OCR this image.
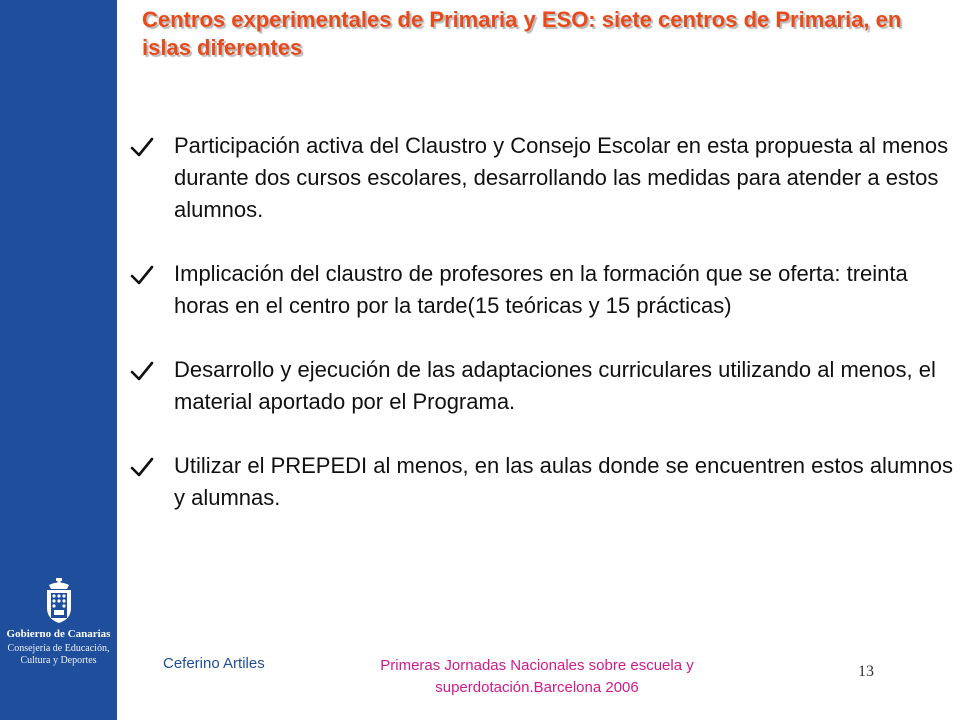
Gobierno de Canarias
Consejería de Educación,
Cultura y Deportes
Centros experimentales de Primaria y ESO: siete centros de Primaria, en islas diferentes
Participación activa del Claustro y Consejo Escolar en esta propuesta al menos durante dos cursos escolares, desarrollando las medidas para atender a estos alumnos.
Implicación del claustro de profesores en la formación que se oferta: treinta horas en el centro por la tarde(15 teóricas y 15 prácticas)
Desarrollo y ejecución de las adaptaciones curriculares utilizando al menos, el material aportado por el Programa.
Utilizar el PREPEDI al menos, en las aulas donde se encuentren estos alumnos y alumnas.
Ceferino Artiles	Primeras Jornadas Nacionales sobre escuela y superdotación.Barcelona 2006
13
